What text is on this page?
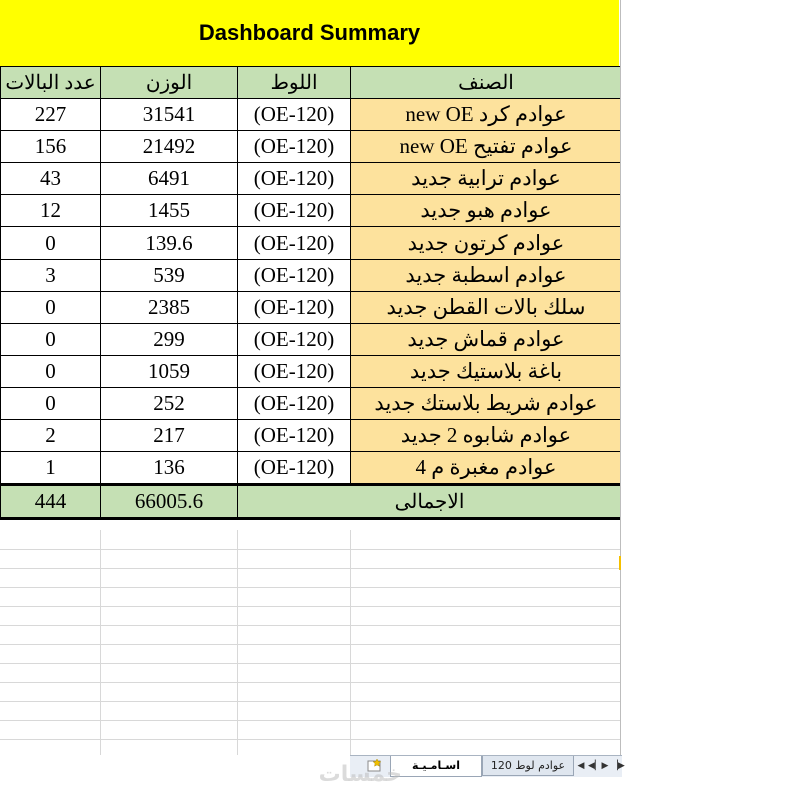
Dashboard Summary
عدد البالات	الوزن	اللوط	الصنف
227	31541	(OE-120)	عوادم كرد new OE
156	21492	(OE-120)	عوادم تفتيح new OE
43	6491	(OE-120)	عوادم ترابية جديد
12	1455	(OE-120)	عوادم هبو جديد
0	139.6	(OE-120)	عوادم كرتون جديد
3	539	(OE-120)	عوادم اسطبة جديد
0	2385	(OE-120)	سلك بالات القطن جديد
0	299	(OE-120)	عوادم قماش جديد
0	1059	(OE-120)	باغة بلاستيك جديد
0	252	(OE-120)	عوادم شريط بلاستك جديد
2	217	(OE-120)	عوادم شابوه 2 جديد
1	136	(OE-120)	عوادم مغبرة م 4
444	66005.6	الاجمالى	
اسـامـيـة	عوادم لوط 120	◀ ◀▏ ▶ ▕▶
خمسات
